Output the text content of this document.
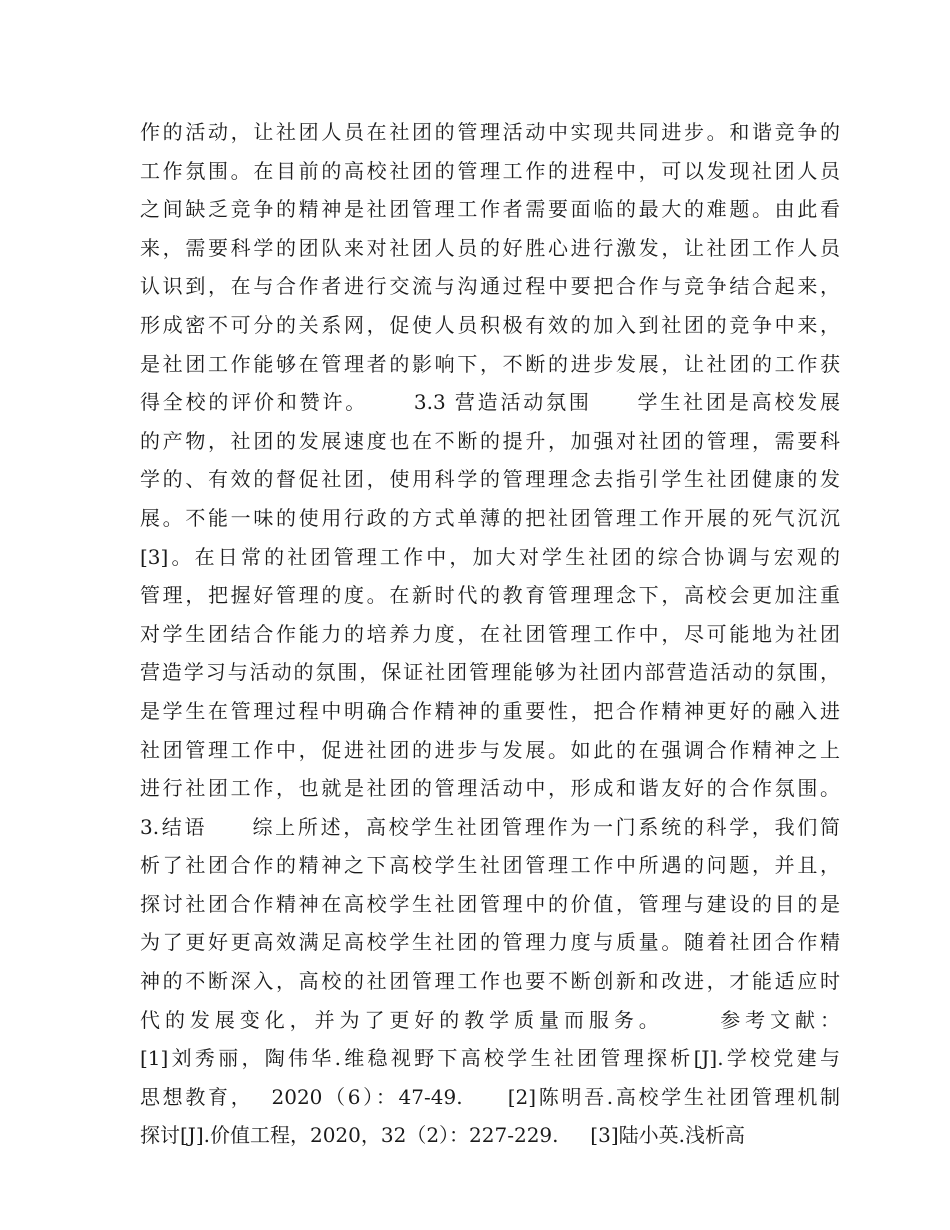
作的活动，让社团人员在社团的管理活动中实现共同进步。和谐竞争的
工作氛围。在目前的高校社团的管理工作的进程中，可以发现社团人员
之间缺乏竞争的精神是社团管理工作者需要面临的最大的难题。由此看
来，需要科学的团队来对社团人员的好胜心进行激发，让社团工作人员
认识到，在与合作者进行交流与沟通过程中要把合作与竞争结合起来，
形成密不可分的关系网，促使人员积极有效的加入到社团的竞争中来，
是社团工作能够在管理者的影响下，不断的进步发展，让社团的工作获
得全校的评价和赞许。     3.3 营造活动氛围     学生社团是高校发展
的产物，社团的发展速度也在不断的提升，加强对社团的管理，需要科
学的、有效的督促社团，使用科学的管理理念去指引学生社团健康的发
展。不能一味的使用行政的方式单薄的把社团管理工作开展的死气沉沉
[3]。在日常的社团管理工作中，加大对学生社团的综合协调与宏观的
管理，把握好管理的度。在新时代的教育管理理念下，高校会更加注重
对学生团结合作能力的培养力度，在社团管理工作中，尽可能地为社团
营造学习与活动的氛围，保证社团管理能够为社团内部营造活动的氛围，
是学生在管理过程中明确合作精神的重要性，把合作精神更好的融入进
社团管理工作中，促进社团的进步与发展。如此的在强调合作精神之上
进行社团工作，也就是社团的管理活动中，形成和谐友好的合作氛围。
3.结语     综上所述，高校学生社团管理作为一门系统的科学，我们简
析了社团合作的精神之下高校学生社团管理工作中所遇的问题，并且，
探讨社团合作精神在高校学生社团管理中的价值，管理与建设的目的是
为了更好更高效满足高校学生社团的管理力度与质量。随着社团合作精
神的不断深入，高校的社团管理工作也要不断创新和改进，才能适应时
代的发展变化，并为了更好的教学质量而服务。     参考文献：
[1]刘秀丽，陶伟华.维稳视野下高校学生社团管理探析[J].学校党建与
思想教育，  2020（6）：47-49.     [2]陈明吾.高校学生社团管理机制
探讨[J].价值工程，2020，32（2）：227-229.     [3]陆小英.浅析高
